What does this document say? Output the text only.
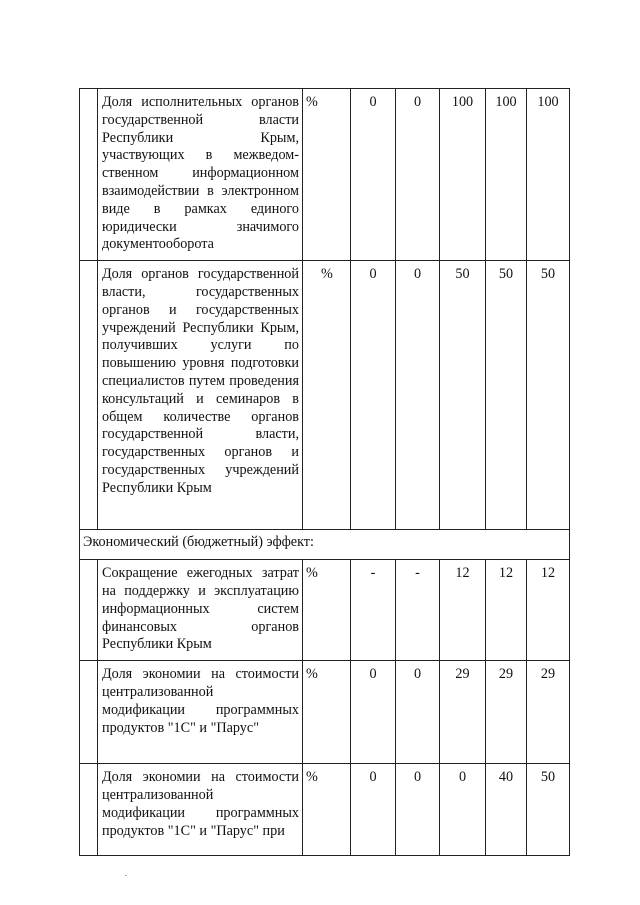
	Доля исполнительных органов государственной власти Республики Крым, участвующих в межведомственном информационном взаимодействии в электронном виде в рамках единого юридически значимого документооборота	%	0	0	100	100	100

	Доля органов государственной власти, государственных органов и государственных учреждений Республики Крым, получивших услуги по повышению уровня подготовки специалистов путем проведения консультаций и семинаров в общем количестве органов государственной власти, государственных органов и государственных учреждений Республики Крым	%	0	0	50	50	50
Экономический (бюджетный) эффект:							

	Сокращение ежегодных затрат на поддержку и эксплуатацию информационных систем финансовых органов Республики Крым	%	-	-	12	12	12

	Доля экономии на стоимости централизованной модификации программных продуктов "1С" и "Парус"	%	0	0	29	29	29

	Доля экономии на стоимости централизованной модификации программных продуктов "1С" и "Парус" при	%	0	0	0	40	50
